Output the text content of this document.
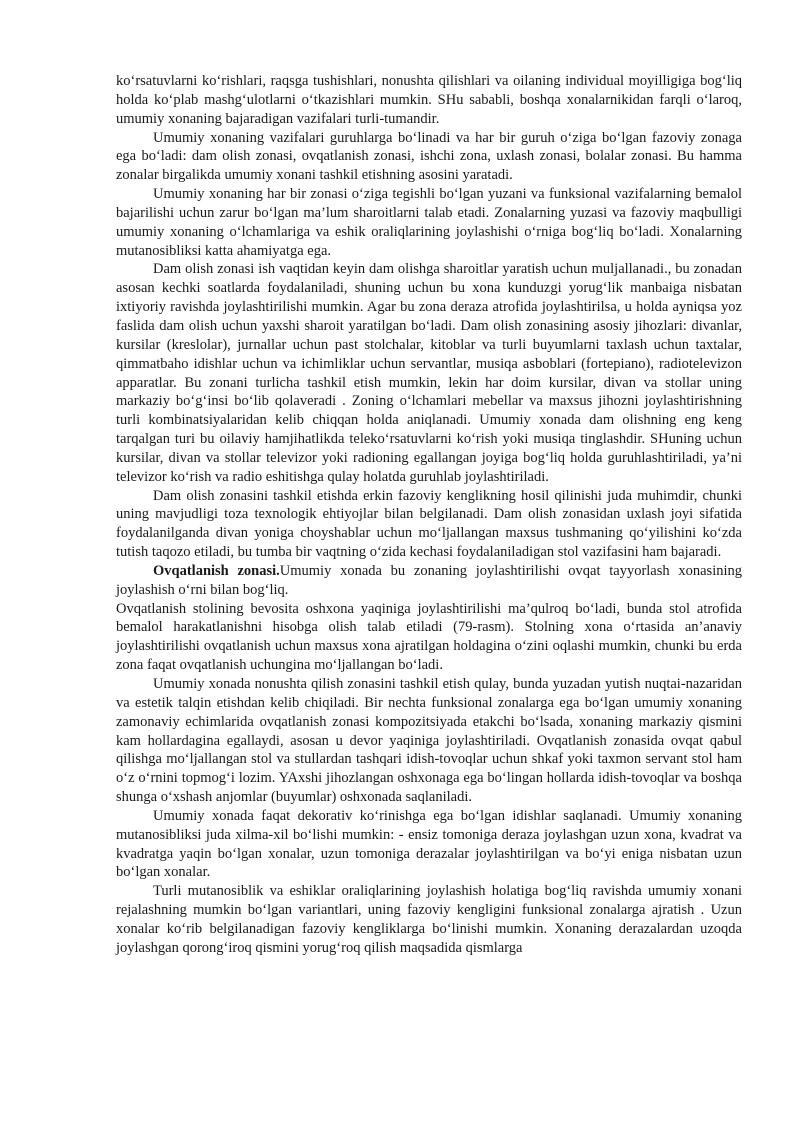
ko‘rsatuvlarni ko‘rishlari, raqsga tushishlari, nonushta qilishlari va oilaning individual moyilligiga bog‘liq holda ko‘plab mashg‘ulotlarni o‘tkazishlari mumkin. SHu sababli, boshqa xonalarnikidan farqli o‘laroq, umumiy xonaning bajaradigan vazifalari turli-tumandir.

Umumiy xonaning vazifalari guruhlarga bo‘linadi va har bir guruh o‘ziga bo‘lgan fazoviy zonaga ega bo‘ladi: dam olish zonasi, ovqatlanish zonasi, ishchi zona, uxlash zonasi, bolalar zonasi. Bu hamma zonalar birgalikda umumiy xonani tashkil etishning asosini yaratadi.

Umumiy xonaning har bir zonasi o‘ziga tegishli bo‘lgan yuzani va funksional vazifalarning bemalol bajarilishi uchun zarur bo‘lgan ma’lum sharoitlarni talab etadi. Zonalarning yuzasi va fazoviy maqbulligi umumiy xonaning o‘lchamlariga va eshik oraliqlarining joylashishi o‘rniga bog‘liq bo‘ladi. Xonalarning mutanosibliksi katta ahamiyatga ega.

Dam olish zonasi ish vaqtidan keyin dam olishga sharoitlar yaratish uchun muljallanadi., bu zonadan asosan kechki soatlarda foydalaniladi, shuning uchun bu xona kunduzgi yorug‘lik manbaiga nisbatan ixtiyoriy ravishda joylashtirilishi mumkin. Agar bu zona deraza atrofida joylashtirilsa, u holda ayniqsa yoz faslida dam olish uchun yaxshi sharoit yaratilgan bo‘ladi. Dam olish zonasining asosiy jihozlari: divanlar, kursilar (kreslolar), jurnallar uchun past stolchalar, kitoblar va turli buyumlarni taxlash uchun taxtalar, qimmatbaho idishlar uchun va ichimliklar uchun servantlar, musiqa asboblari (fortepiano), radiotelevizon apparatlar. Bu zonani turlicha tashkil etish mumkin, lekin har doim kursilar, divan va stollar uning markaziy bo‘g‘insi bo‘lib qolaveradi . Zoning o‘lchamlari mebellar va maxsus jihozni joylashtirishning turli kombinatsiyalaridan kelib chiqqan holda aniqlanadi. Umumiy xonada dam olishning eng keng tarqalgan turi bu oilaviy hamjihatlikda teleko‘rsatuvlarni ko‘rish yoki musiqa tinglashdir. SHuning uchun kursilar, divan va stollar televizor yoki radioning egallangan joyiga bog‘liq holda guruhlashtiriladi, ya’ni televizor ko‘rish va radio eshitishga qulay holatda guruhlab joylashtiriladi.

Dam olish zonasini tashkil etishda erkin fazoviy kenglikning hosil qilinishi juda muhimdir, chunki uning mavjudligi toza texnologik ehtiyojlar bilan belgilanadi. Dam olish zonasidan uxlash joyi sifatida foydalanilganda divan yoniga choyshablar uchun mo‘ljallangan maxsus tushmaning qo‘yilishini ko‘zda tutish taqozo etiladi, bu tumba bir vaqtning o‘zida kechasi foydalaniladigan stol vazifasini ham bajaradi.

Ovqatlanish zonasi.Umumiy xonada bu zonaning joylashtirilishi ovqat tayyorlash xonasining joylashish o‘rni bilan bog‘liq.

Ovqatlanish stolining bevosita oshxona yaqiniga joylashtirilishi ma’qulroq bo‘ladi, bunda stol atrofida bemalol harakatlanishni hisobga olish talab etiladi (79-rasm). Stolning xona o‘rtasida an’anaviy joylashtirilishi ovqatlanish uchun maxsus xona ajratilgan holdagina o‘zini oqlashi mumkin, chunki bu erda zona faqat ovqatlanish uchungina mo‘ljallangan bo‘ladi.

Umumiy xonada nonushta qilish zonasini tashkil etish qulay, bunda yuzadan yutish nuqtai-nazaridan va estetik talqin etishdan kelib chiqiladi. Bir nechta funksional zonalarga ega bo‘lgan umumiy xonaning zamonaviy echimlarida ovqatlanish zonasi kompozitsiyada etakchi bo‘lsada, xonaning markaziy qismini kam hollardagina egallaydi, asosan u devor yaqiniga joylashtiriladi. Ovqatlanish zonasida ovqat qabul qilishga mo‘ljallangan stol va stullardan tashqari idish-tovoqlar uchun shkaf yoki taxmon servant stol ham o‘z o‘rnini topmog‘i lozim. YAxshi jihozlangan oshxonaga ega bo‘lingan hollarda idish-tovoqlar va boshqa shunga o‘xshash anjomlar (buyumlar) oshxonada saqlaniladi.

Umumiy xonada faqat dekorativ ko‘rinishga ega bo‘lgan idishlar saqlanadi. Umumiy xonaning mutanosibliksi juda xilma-xil bo‘lishi mumkin: - ensiz tomoniga deraza joylashgan uzun xona, kvadrat va kvadratga yaqin bo‘lgan xonalar, uzun tomoniga derazalar joylashtirilgan va bo‘yi eniga nisbatan uzun bo‘lgan xonalar.

Turli mutanosiblik va eshiklar oraliqlarining joylashish holatiga bog‘liq ravishda umumiy xonani rejalashning mumkin bo‘lgan variantlari, uning fazoviy kengligini funksional zonalarga ajratish . Uzun xonalar ko‘rib belgilanadigan fazoviy kengliklarga bo‘linishi mumkin. Xonaning derazalardan uzoqda joylashgan qorong‘iroq qismini yorug‘roq qilish maqsadida qismlarga
